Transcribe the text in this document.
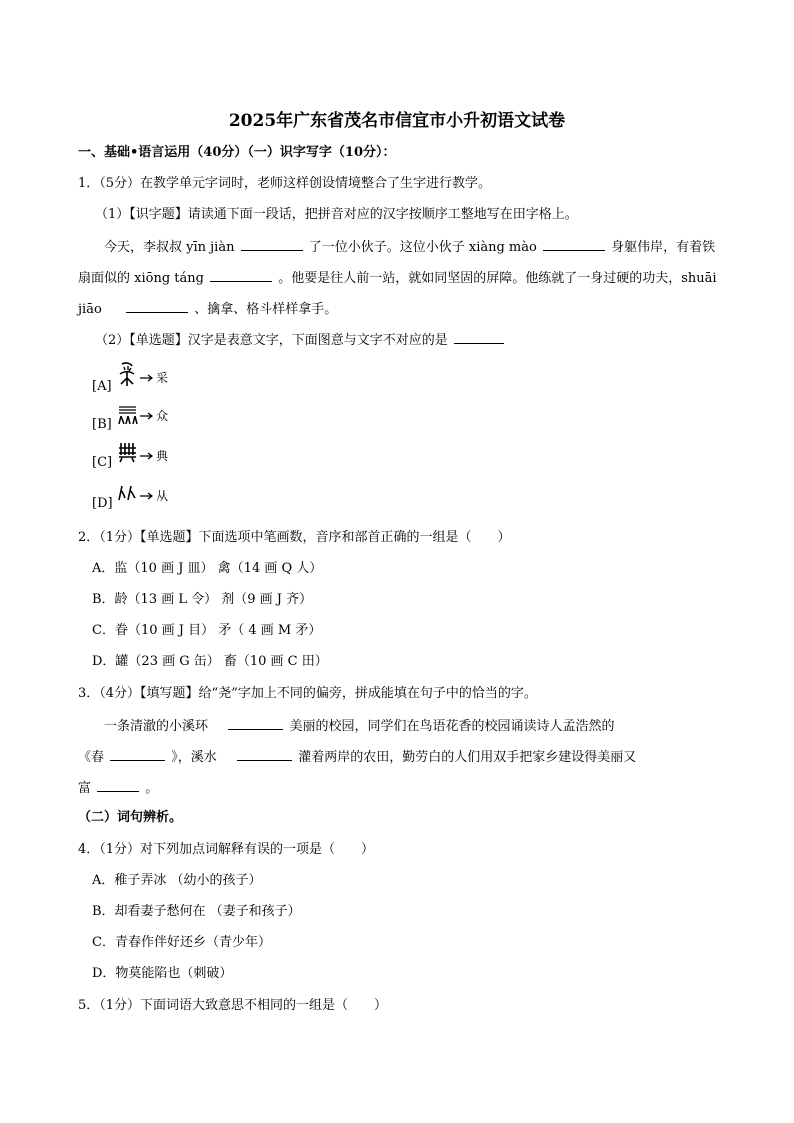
2025年广东省茂名市信宜市小升初语文试卷
一、基础•语言运用（40分）（一）识字写字（10分）：
1．（5分）在教学单元字词时，老师这样创设情境整合了生字进行教学。
（1）【识字题】请读通下面一段话，把拼音对应的汉字按顺序工整地写在田字格上。
今天，李叔叔 yīn jiàn	了一位小伙子。这位小伙子 xiàng mào	身躯伟岸，有着铁
扇面似的 xiōng táng	。他要是往人前一站，就如同坚固的屏障。他练就了一身过硬的功夫，shuāi
jiāo	、擒拿、格斗样样拿手。
（2）【单选题】汉字是表意文字，下面图意与文字不对应的是
[A]
采
[B]
众
[C]	典
[D]	从
2．（1分）【单选题】下面选项中笔画数，音序和部首正确的一组是（　　）
A．监（10 画 J 皿） 禽（14 画 Q 人）
B．龄（13 画 L 令） 剂（9 画 J 齐）
C．眷（10 画 J 目） 矛（ 4 画 M 矛）
D．罐（23 画 G 缶） 畜（10 画 C 田）
3．（4分）【填写题】给“尧”字加上不同的偏旁，拼成能填在句子中的恰当的字。
一条清澈的小溪环	美丽的校园，同学们在鸟语花香的校园诵读诗人孟浩然的
《春	》，溪水	灌着两岸的农田，勤劳白的人们用双手把家乡建设得美丽又
富	。
（二）词句辨析。
4．（1分）对下列加点词解释有误的一项是（　　）
A．稚子弄冰 （幼小的孩子）
B．却看妻子愁何在 （妻子和孩子）
C．青春作伴好还乡（青少年）
D．物莫能陷也（刺破）
5．（1分）下面词语大致意思不相同的一组是（　　）
